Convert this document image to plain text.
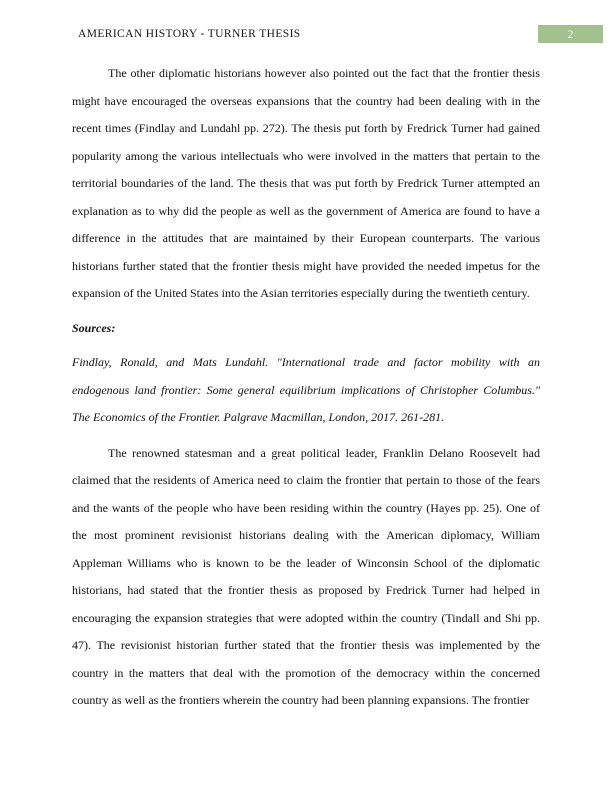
AMERICAN HISTORY - TURNER THESIS	2

The other diplomatic historians however also pointed out the fact that the frontier thesis might have encouraged the overseas expansions that the country had been dealing with in the recent times (Findlay and Lundahl pp. 272). The thesis put forth by Fredrick Turner had gained popularity among the various intellectuals who were involved in the matters that pertain to the territorial boundaries of the land. The thesis that was put forth by Fredrick Turner attempted an explanation as to why did the people as well as the government of America are found to have a difference in the attitudes that are maintained by their European counterparts. The various historians further stated that the frontier thesis might have provided the needed impetus for the expansion of the United States into the Asian territories especially during the twentieth century.

Sources:

Findlay, Ronald, and Mats Lundahl. "International trade and factor mobility with an endogenous land frontier: Some general equilibrium implications of Christopher Columbus." The Economics of the Frontier. Palgrave Macmillan, London, 2017. 261-281.

The renowned statesman and a great political leader, Franklin Delano Roosevelt had claimed that the residents of America need to claim the frontier that pertain to those of the fears and the wants of the people who have been residing within the country (Hayes pp. 25). One of the most prominent revisionist historians dealing with the American diplomacy, William Appleman Williams who is known to be the leader of Winconsin School of the diplomatic historians, had stated that the frontier thesis as proposed by Fredrick Turner had helped in encouraging the expansion strategies that were adopted within the country (Tindall and Shi pp. 47). The revisionist historian further stated that the frontier thesis was implemented by the country in the matters that deal with the promotion of the democracy within the concerned country as well as the frontiers wherein the country had been planning expansions. The frontier
